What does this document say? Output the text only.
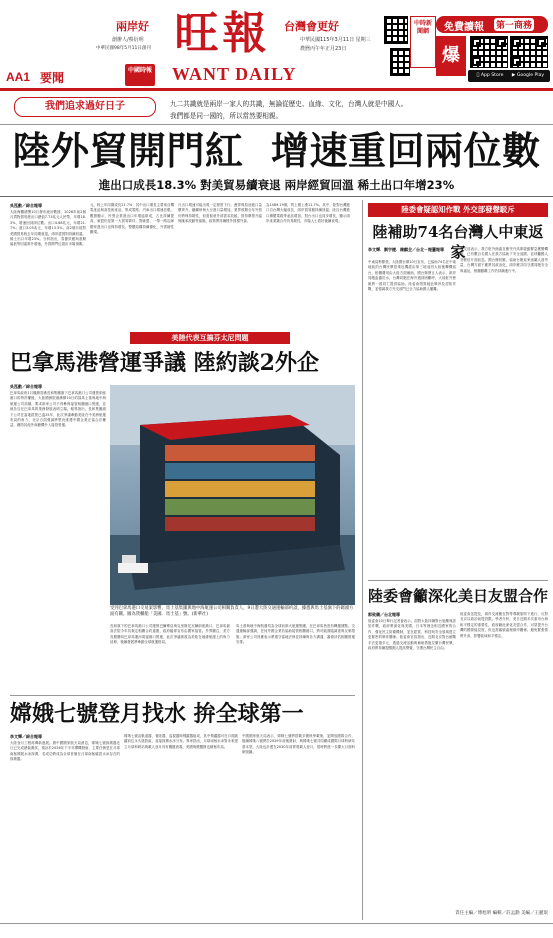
兩岸好
創辦人/蔡衍明
中華民國98年5月11日創刊 旺報
WANT DAILY
中國時報
台灣會更好
中華民國115年3月11日 星期三
農曆丙午年正月23日
中時新聞網	免費讀報 第一商務
爆
App Store	▶ Google Play
AA1 要聞
我們追求過好日子	九二共識就是兩岸一家人的共識，無論從歷史、血緣、文化，台灣人就是中國人。
我們都是同一國的，所以當然要相親。
陸外貿開門紅  增速重回兩位數
進出口成長18.3% 對美貿易續衰退 兩岸經貿回溫 稀土出口年增23%
吳泓勳／綜合報導
大陸海關總署10日發布統計數據，2026年前2個月貨物貿易進出口總值7.73兆元人民幣，年增18.3%，增速回到兩位數。出口4.68兆元，年增21.7%；進口3.05兆元，年增13.5%。前2個月陸對美國貿易較去年同期衰退，兩岸經貿則持續回溫，稀土出口年增23%。分析指出，春節效應與基期偏低等因素推升增速，外貿開門紅超出市場預期。
元，較上年同期成長21.7%；其中出口增長主要來自機電產品與高技術產品，集成電路、汽車出口增速亮眼。數據顯示，民營企業進出口年增逾兩成，占比持續提高，東盟仍是第一大貿易夥伴，對歐盟、一帶一路沿線國家進出口也保持增長，整體結構持續優化，外需韌性顯現。
月出口增速可能出現一定程度下行。瀝青與原油進口量價齊升，鐵礦砂與大豆進口量增加，業界預期全年外貿仍將保持韌性，但需留意外部需求放緩、貿易摩擦升溫與匯率波動等風險，政策將持續穩外貿穩外資。
為1489.19億，對上期上漲11.7%。其中，陸對台灣進口自台灣大幅成長，兩岸貿易額持續回溫；陸自台灣進口積體電路等產品增加，對台出口也同步增長，顯示兩岸產業鏈合作仍具韌性，市場人士看好後續表現。
美陸代表互搞芬太尼問題
巴拿馬港營運爭議 陸約談2外企
吳泓勳／綜合報導
巴拿馬政府1月撤銷香港長和集團旗下巴拿馬港口公司運營兩座港口的特許權後，大陸國務院港澳辦10日約談馬士基與地中海航運公司高層，要求兩家公司不得參與接管相關港口營運，並就各自在巴拿馬的業務發展表明立場。報導指出，長和集團旗下公司在當地經營已逾25年，此次爭議牽動美陸在中美洲航運布局的角力，北京方面強調將堅決維護中國企業正當合法權益，嚴防其他外商藉機介入接管營運。
受到巴拿馬港口交易案影響，馬士基集團與地中海航運公司相關負責人，9日遭大陸交通運輸部約談，據悉與馬士基旗下的碼頭方面有關。圖為貨櫃船「美國．馬士基」號。(新華社)
長和旗下的巴拿馬港口公司運營巴爾博亞與克里斯托瓦爾兩座港口，巴拿馬最高法院今年初裁定相關合約違憲，政府隨即宣布由國家接管。外界關注，美方長期關切巴拿馬運河周邊港口營運，此次爭議被視為美陸在地緣航運上的角力延伸，後續發展將牽動全球航運格局。
馬士基與地中海航運均為全球前兩大航運集團，在巴拿馬皆設有轉運據點。交通運輸部強調，任何外國企業若協助接管相關港口，將可能面臨調查與反制措施；兩家公司回應表示將遵守當地法律並持續與各方溝通，審慎評估相關營運安排。
嫦娥七號登月找水 拚全球第一
李文輝／綜合報導
大陸登月工程再傳新進展。據中國國家航天局消息，嫦娥七號探測器近日已完成總裝測試，預計於2026年下半年擇機發射，主要任務是在月球南極開展水冰探測，若成功將成為全球首個在月球南極確認水冰存在的探測器。
嫦娥七號由軌道器、著陸器、巡視器與飛躍器組成，其中飛躍器可在月面跳躍前往永久陰影區，直接探測水冰分布。專家指出，月球南極水冰對未來建立月球科研站與載人登月具有關鍵意義，美國與俄羅斯也積極布局。
中國國家航天局表示，嫦娥七號將搭載多國科學載荷，並開放國際合作，後續嫦娥八號將於2029年前後發射，與嫦娥七號共同構成國際月球科研站基本型。大陸也計畫在2030年前實現載人登月，屆時將進一步擴大月面科研版圖。
陸委會疑認知作戰 外交部發聲駁斥
陸補助74名台灣人中東返家
李文輝．劉宇捷．陳麒全／台北－報圖報導
中東局勢緊張，大陸國台辦10日宣布，已協助74名在中東地區的台灣民眾搭乘包機經由第三地返回大陸後轉機返台，相關費用由大陸方面補助。國台辦發言人表示，兩岸同胞血濃於水，台灣同胞在海外遇到困難時，大陸駐外使館將一視同仁提供協助。陸委會則質疑此舉涉及認知作戰，並強調我方外交部門已全力協助國人撤離。
外交部表示，我方駐外館處自衝突升高即啟動緊急應變機制，已有數百名國人在我方協助下安全返國，並呼籲國人勿輕信片面訊息。國台辦回應，協助台胞返家純屬人道考量，台灣方面不應將其政治化，兩岸應共同守護同胞安全與福祉，相關撤離工作仍持續進行中。
陸委會籲深化美日友盟合作
郭致儀／台北報導
陸委會10日舉行記者會表示，面對大陸持續對台施壓與認知作戰，政府將深化與美國、日本等理念相近國家的合作，強化民主防衛機制，並在經貿、科技與安全領域建立更緊密的夥伴關係。陸委會官員指出，近期北京對台統戰手法更趨多元，透過交流活動與補助措施拉攏台灣民眾，政府將持續提醒國人提高警覺，守護台灣民主自由。
陸委會並提及，兩岸交流應在對等尊嚴原則下進行，反對北京以政治前提設限。學者分析，美日近期多次重申台海和平穩定的重要性，政府藉此深化友盟合作，可望提升台灣的國際能見度，但也需審慎處理兩岸關係，避免緊張情勢升高，影響區域和平穩定。
責任主編／傅旭明 編輯／莊孟勳 美編／王麗珉
